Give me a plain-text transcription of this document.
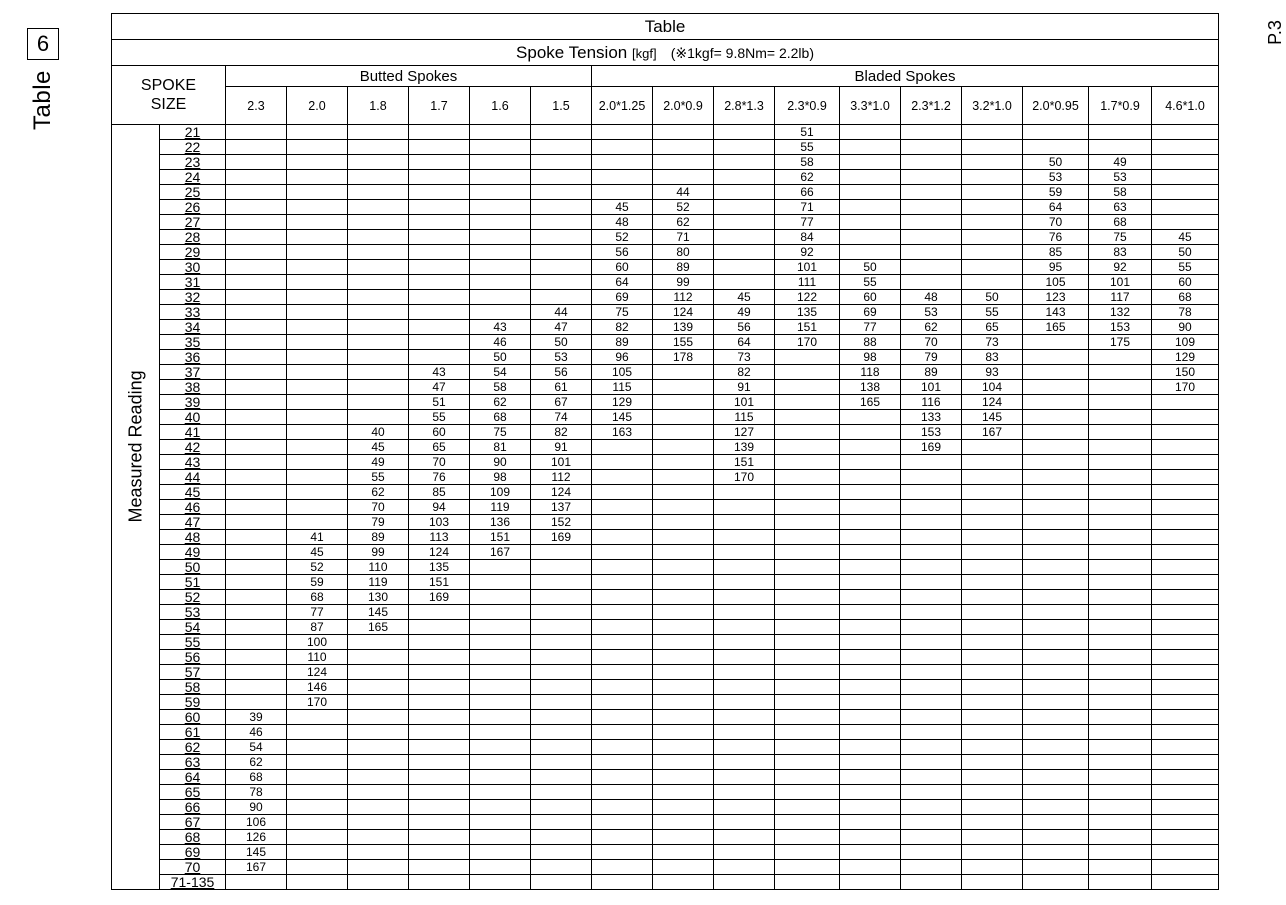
Table
6	P.3
Table																	
Spoke Tension [kgf] (※1kgf= 9.8Nm= 2.2lb)																	
SPOKE SIZE		Butted Spokes						Bladed Spokes									
		2.3	2.0	1.8	1.7	1.6	1.5	2.0*1.25	2.0*0.9	2.8*1.3	2.3*0.9	3.3*1.0	2.3*1.2	3.2*1.0	2.0*0.95	1.7*0.9	4.6*1.0

Measured Reading	21										51						
	22										55						
	23										58				50	49	
	24										62				53	53	
	25								44		66				59	58	
	26							45	52		71				64	63	
	27							48	62		77				70	68	
	28							52	71		84				76	75	45
	29							56	80		92				85	83	50
	30							60	89		101	50			95	92	55
	31							64	99		111	55			105	101	60
	32							69	112	45	122	60	48	50	123	117	68
	33						44	75	124	49	135	69	53	55	143	132	78
	34					43	47	82	139	56	151	77	62	65	165	153	90
	35					46	50	89	155	64	170	88	70	73		175	109
	36					50	53	96	178	73		98	79	83			129
	37				43	54	56	105		82		118	89	93			150
	38				47	58	61	115		91		138	101	104			170
	39				51	62	67	129		101		165	116	124			
	40				55	68	74	145		115			133	145			
	41			40	60	75	82	163		127			153	167			
	42			45	65	81	91			139			169				
	43			49	70	90	101			151							
	44			55	76	98	112			170							
	45			62	85	109	124										
	46			70	94	119	137										
	47			79	103	136	152										
	48		41	89	113	151	169										
	49		45	99	124	167											
	50		52	110	135												
	51		59	119	151												
	52		68	130	169												
	53		77	145													
	54		87	165													
	55		100														
	56		110														
	57		124														
	58		146														
	59		170														
	60	39															
	61	46															
	62	54															
	63	62															
	64	68															
	65	78															
	66	90															
	67	106															
	68	126															
	69	145															
	70	167															
	71-135																
